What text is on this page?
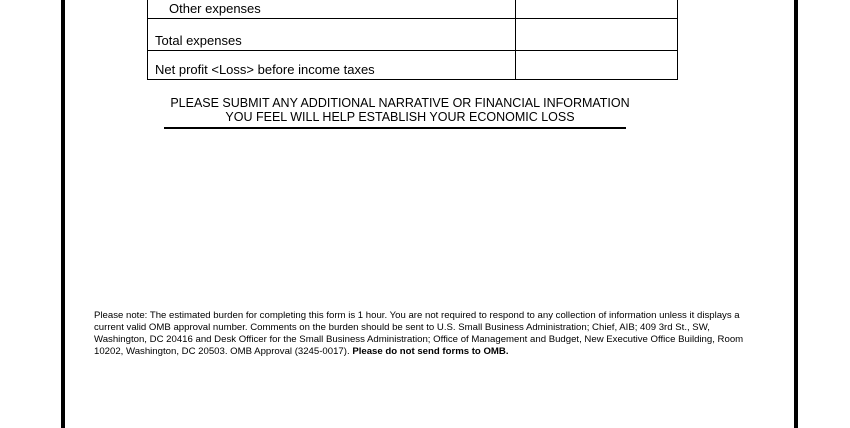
Other expenses
Total expenses
Net profit <Loss> before income taxes
PLEASE SUBMIT ANY ADDITIONAL NARRATIVE OR FINANCIAL INFORMATION
YOU FEEL WILL HELP ESTABLISH YOUR ECONOMIC LOSS
Please note: The estimated burden for completing this form is 1 hour. You are not required to respond to any collection of information unless it displays a current valid OMB approval number. Comments on the burden should be sent to U.S. Small Business Administration; Chief, AIB; 409 3rd St., SW, Washington, DC 20416 and Desk Officer for the Small Business Administration; Office of Management and Budget, New Executive Office Building, Room 10202, Washington, DC 20503. OMB Approval (3245-0017). Please do not send forms to OMB.
